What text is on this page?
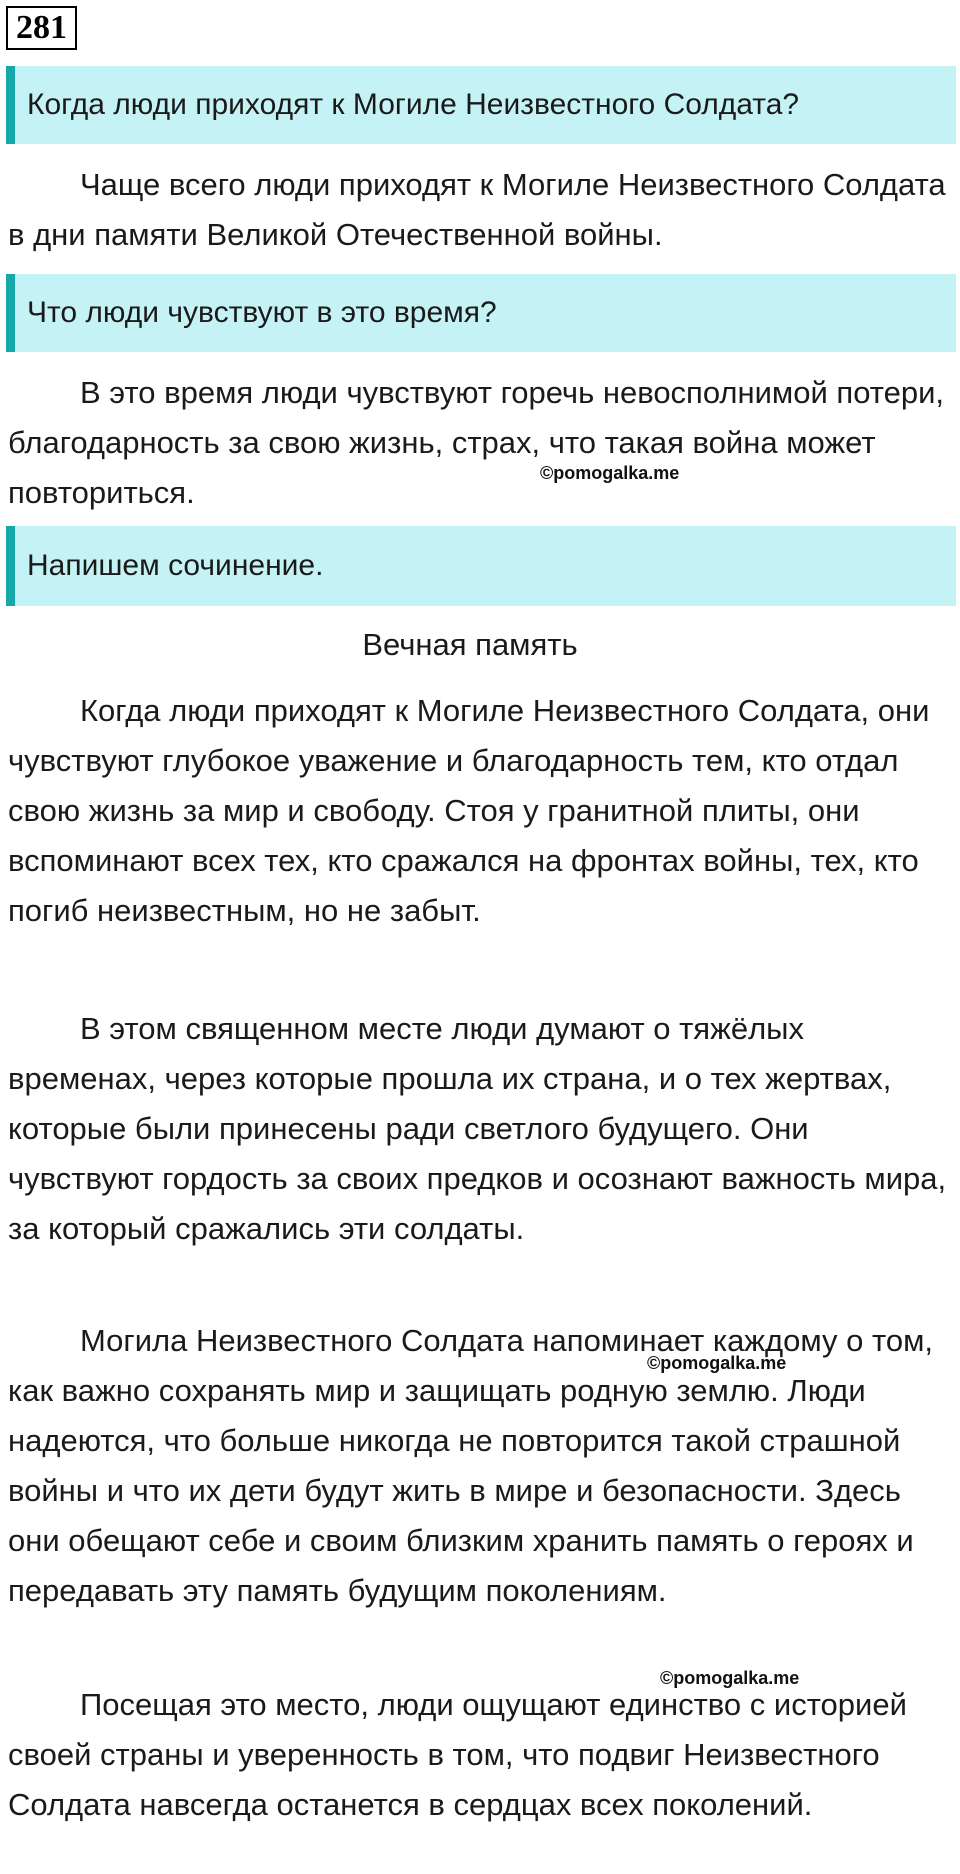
281
Когда люди приходят к Могиле Неизвестного Солдата?

Чаще всего люди приходят к Могиле Неизвестного Солдата в дни памяти Великой Отечественной войны.

Что люди чувствуют в это время?

В это время люди чувствуют горечь невосполнимой потери, благодарность за свою жизнь, страх, что такая война может повториться.

©pomogalka.me
Напишем сочинение.
Вечная память

Когда люди приходят к Могиле Неизвестного Солдата, они чувствуют глубокое уважение и благодарность тем, кто отдал свою жизнь за мир и свободу. Стоя у гранитной плиты, они вспоминают всех тех, кто сражался на фронтах войны, тех, кто погиб неизвестным, но не забыт.

В этом священном месте люди думают о тяжёлых временах, через которые прошла их страна, и о тех жертвах, которые были принесены ради светлого будущего. Они чувствуют гордость за своих предков и осознают важность мира, за который сражались эти солдаты.

Могила Неизвестного Солдата напоминает каждому о том, как важно сохранять мир и защищать родную землю. Люди надеются, что больше никогда не повторится такой страшной войны и что их дети будут жить в мире и безопасности. Здесь они обещают себе и своим близким хранить память о героях и передавать эту память будущим поколениям.

©pomogalka.me
©pomogalka.me

Посещая это место, люди ощущают единство с историей своей страны и уверенность в том, что подвиг Неизвестного Солдата навсегда останется в сердцах всех поколений.
